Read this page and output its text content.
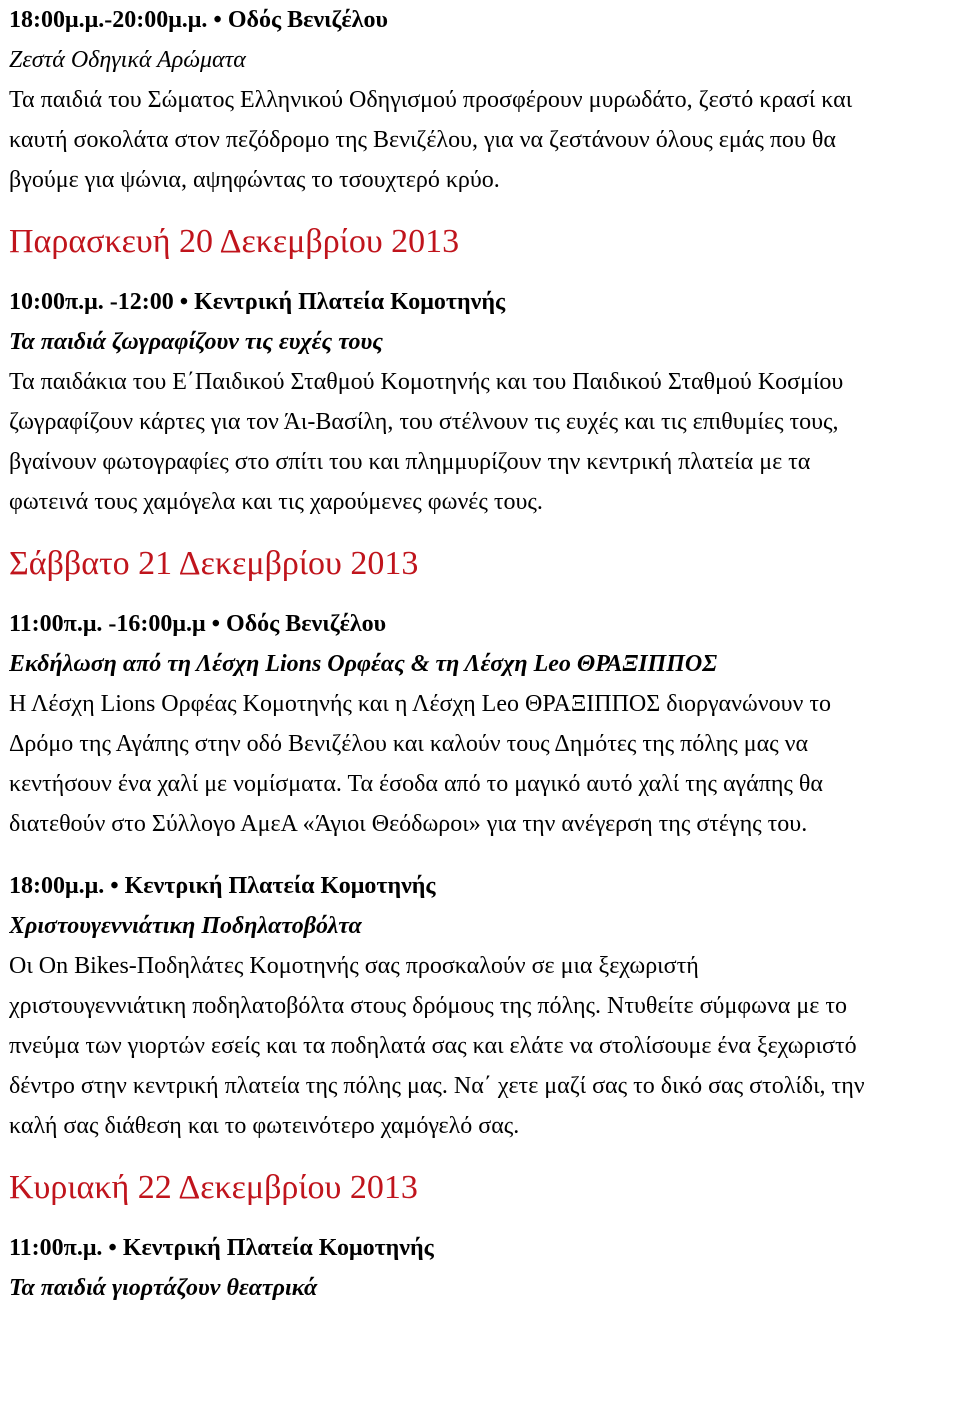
18:00μ.μ.-20:00μ.μ. • Οδός Βενιζέλου
Ζεστά Οδηγικά Αρώματα
Τα παιδιά του Σώματος Ελληνικού Οδηγισμού προσφέρουν μυρωδάτο, ζεστό κρασί και
καυτή σοκολάτα στον πεζόδρομο της Βενιζέλου, για να ζεστάνουν όλους εμάς που θα
βγούμε για ψώνια, αψηφώντας το τσουχτερό κρύο.
Παρασκευή 20 Δεκεμβρίου 2013
10:00π.μ. -12:00 • Κεντρική Πλατεία Κομοτηνής
Τα παιδιά ζωγραφίζουν τις ευχές τους
Τα παιδάκια του Ε΄Παιδικού Σταθμού Κομοτηνής και του Παιδικού Σταθμού Κοσμίου
ζωγραφίζουν κάρτες για τον Άι-Βασίλη, του στέλνουν τις ευχές και τις επιθυμίες τους,
βγαίνουν φωτογραφίες στο σπίτι του και πλημμυρίζουν την κεντρική πλατεία με τα
φωτεινά τους χαμόγελα και τις χαρούμενες φωνές τους.
Σάββατο 21 Δεκεμβρίου 2013
11:00π.μ. -16:00μ.μ • Οδός Βενιζέλου
Εκδήλωση από τη Λέσχη Lions Ορφέας & τη Λέσχη Leo ΘΡΑΞΙΠΠΟΣ
Η Λέσχη Lions Ορφέας Κομοτηνής και η Λέσχη Leo ΘΡΑΞΙΠΠΟΣ διοργανώνουν το
Δρόμο της Αγάπης στην οδό Βενιζέλου και καλούν τους Δημότες της πόλης μας να
κεντήσουν ένα χαλί με νομίσματα. Τα έσοδα από το μαγικό αυτό χαλί της αγάπης θα
διατεθούν στο Σύλλογο ΑμεΑ «Άγιοι Θεόδωροι» για την ανέγερση της στέγης του.
18:00μ.μ. • Κεντρική Πλατεία Κομοτηνής
Χριστουγεννιάτικη Ποδηλατοβόλτα
Οι On Bikes-Ποδηλάτες Κομοτηνής σας προσκαλούν σε μια ξεχωριστή
χριστουγεννιάτικη ποδηλατοβόλτα στους δρόμους της πόλης. Ντυθείτε σύμφωνα με το
πνεύμα των γιορτών εσείς και τα ποδηλατά σας και ελάτε να στολίσουμε ένα ξεχωριστό
δέντρο στην κεντρική πλατεία της πόλης μας. Να΄ χετε μαζί σας το δικό σας στολίδι, την
καλή σας διάθεση και το φωτεινότερο χαμόγελό σας.
Κυριακή 22 Δεκεμβρίου 2013
11:00π.μ. • Κεντρική Πλατεία Κομοτηνής
Τα παιδιά γιορτάζουν θεατρικά
